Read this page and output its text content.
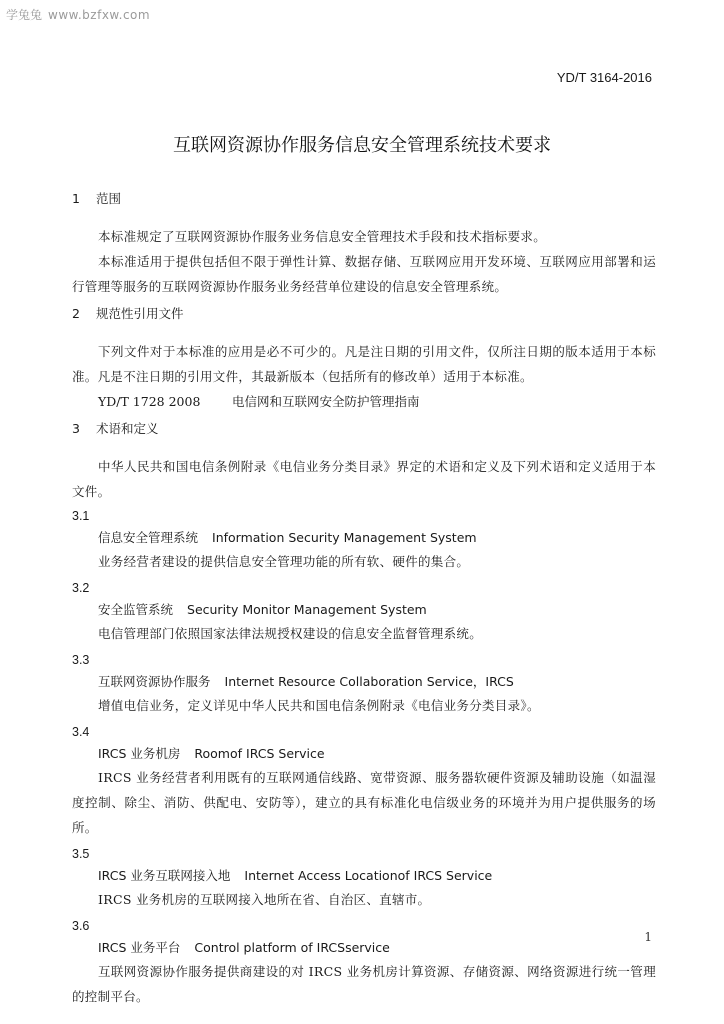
学兔兔 www.bzfxw.com
YD/T 3164-2016
互联网资源协作服务信息安全管理系统技术要求
1 范围

本标准规定了互联网资源协作服务业务信息安全管理技术手段和技术指标要求。

本标准适用于提供包括但不限于弹性计算、数据存储、互联网应用开发环境、互联网应用部署和运行管理等服务的互联网资源协作服务业务经营单位建设的信息安全管理系统。

2 规范性引用文件

下列文件对于本标准的应用是必不可少的。凡是注日期的引用文件，仅所注日期的版本适用于本标准。凡是不注日期的引用文件，其最新版本（包括所有的修改单）适用于本标准。

YD/T 1728 2008	电信网和互联网安全防护管理指南

3 术语和定义

中华人民共和国电信条例附录《电信业务分类目录》界定的术语和定义及下列术语和定义适用于本文件。

3.1
信息安全管理系统 Information Security Management System

业务经营者建设的提供信息安全管理功能的所有软、硬件的集合。

3.2
安全监管系统 Security Monitor Management System

电信管理部门依照国家法律法规授权建设的信息安全监督管理系统。

3.3
互联网资源协作服务 Internet Resource Collaboration Service，IRCS

增值电信业务，定义详见中华人民共和国电信条例附录《电信业务分类目录》。

3.4
IRCS 业务机房 Roomof IRCS Service

IRCS 业务经营者利用既有的互联网通信线路、宽带资源、服务器软硬件资源及辅助设施（如温湿度控制、除尘、消防、供配电、安防等），建立的具有标准化电信级业务的环境并为用户提供服务的场所。

3.5
IRCS 业务互联网接入地 Internet Access Locationof IRCS Service

IRCS 业务机房的互联网接入地所在省、自治区、直辖市。

3.6
IRCS 业务平台 Control platform of IRCSservice

互联网资源协作服务提供商建设的对 IRCS 业务机房计算资源、存储资源、网络资源进行统一管理的控制平台。

1
